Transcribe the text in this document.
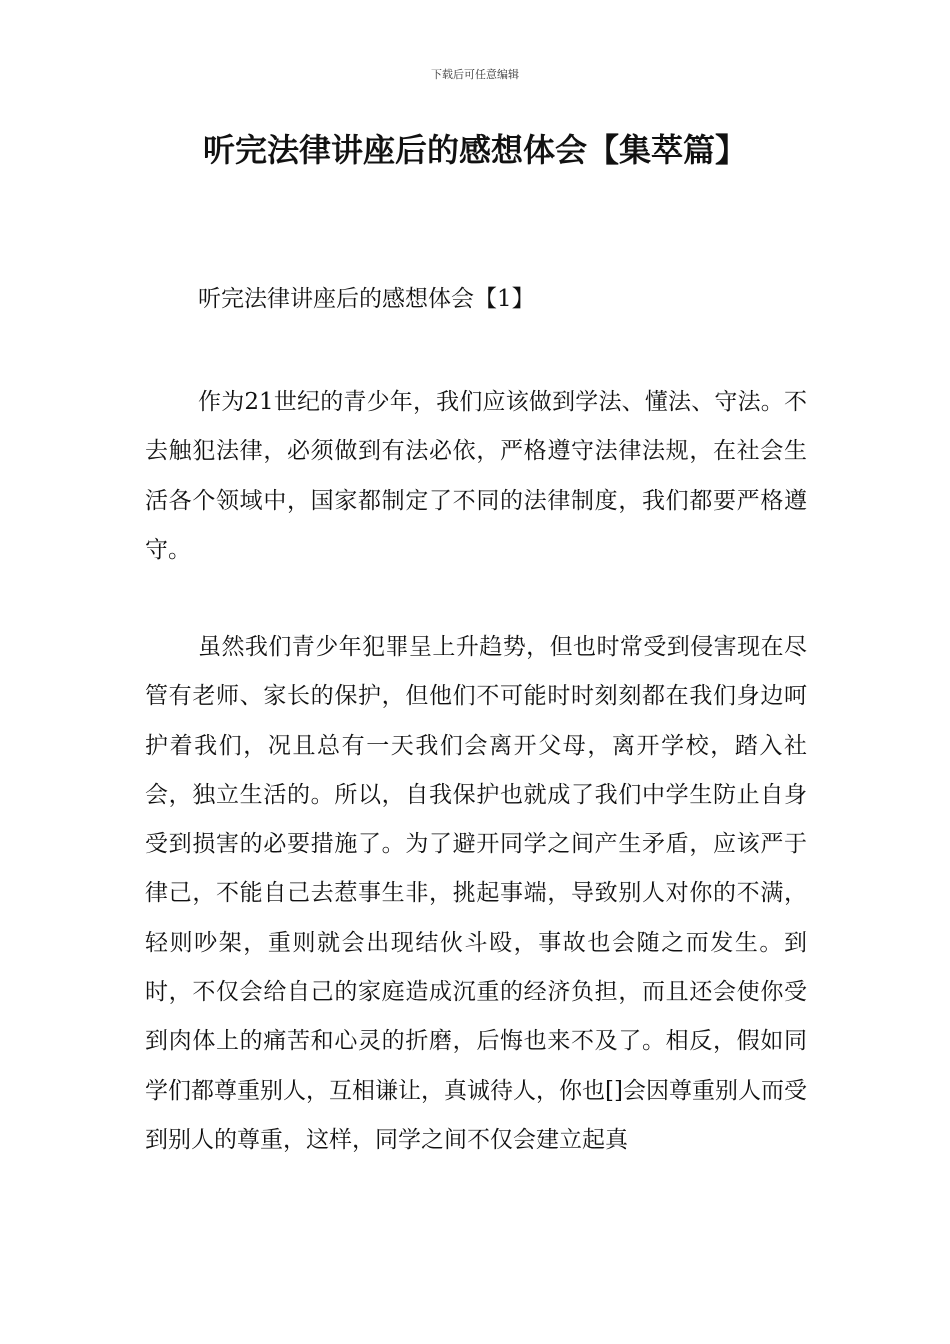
下载后可任意编辑
听完法律讲座后的感想体会【集萃篇】
听完法律讲座后的感想体会【1】

作为21世纪的青少年，我们应该做到学法、懂法、守法。不去触犯法律，必须做到有法必依，严格遵守法律法规，在社会生活各个领域中，国家都制定了不同的法律制度，我们都要严格遵守。

虽然我们青少年犯罪呈上升趋势，但也时常受到侵害现在尽管有老师、家长的保护，但他们不可能时时刻刻都在我们身边呵护着我们，况且总有一天我们会离开父母，离开学校，踏入社会，独立生活的。所以，自我保护也就成了我们中学生防止自身受到损害的必要措施了。为了避开同学之间产生矛盾，应该严于律己，不能自己去惹事生非，挑起事端，导致别人对你的不满，轻则吵架，重则就会出现结伙斗殴，事故也会随之而发生。到时，不仅会给自己的家庭造成沉重的经济负担，而且还会使你受到肉体上的痛苦和心灵的折磨，后悔也来不及了。相反，假如同学们都尊重别人，互相谦让，真诚待人，你也[]会因尊重别人而受到别人的尊重，这样，同学之间不仅会建立起真
